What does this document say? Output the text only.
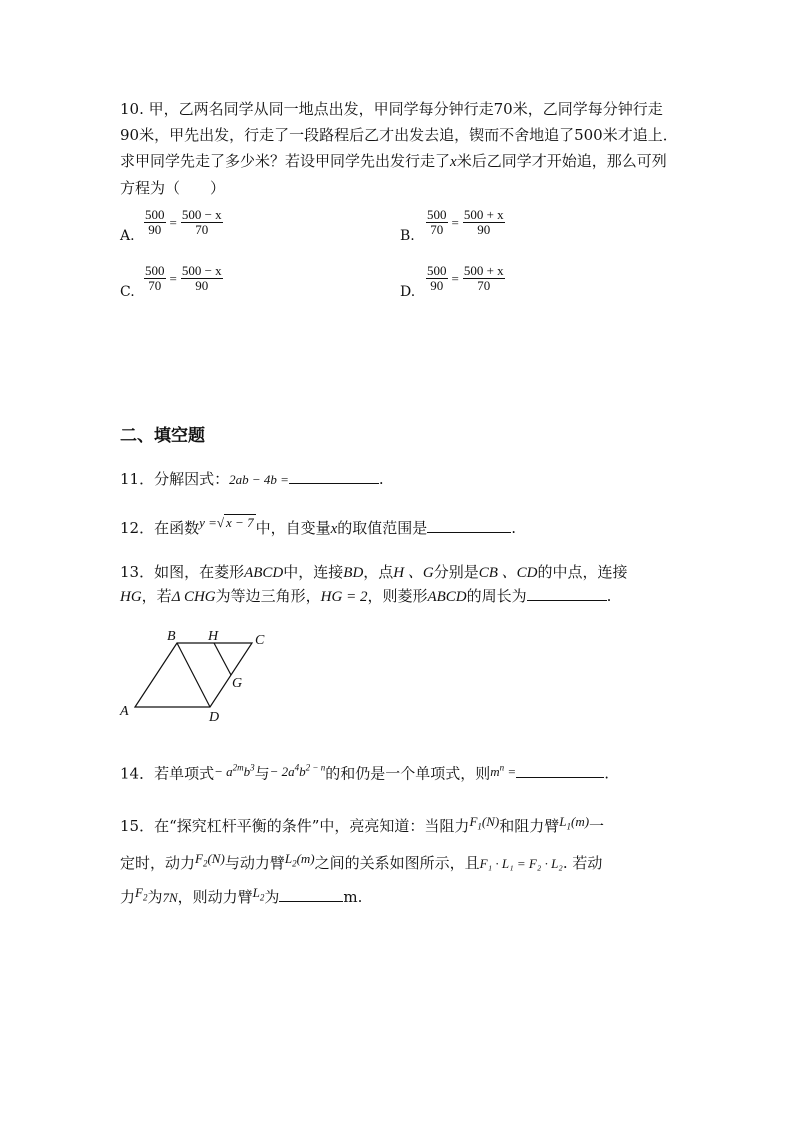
10. 甲，乙两名同学从同一地点出发，甲同学每分钟行走70米，乙同学每分钟行走90米，甲先出发，行走了一段路程后乙才出发去追，锲而不舍地追了500米才追上．求甲同学先走了多少米？若设甲同学先出发行走了x米后乙同学才开始追，那么可列方程为（　　）
A. $\frac{500}{90} = \frac{500 - x}{70}$	B. $\frac{500}{70} = \frac{500 + x}{90}$
C. $\frac{500}{70} = \frac{500 - x}{90}$	D. $\frac{500}{90} = \frac{500 + x}{70}$
二、填空题
11．分解因式：2ab − 4b =	.
12．在函数y =√ x − 7 中，自变量x的取值范围是	.
13．如图，在菱形ABCD中，连接BD，点H 、G分别是CB 、CD的中点，连接
HG，若Δ CHG为等边三角形，HG = 2，则菱形ABCD的周长为	.
B H	C
G
A	D
14．若单项式− $a^{2m}b^3$与− $2a^4b^{2 - n}$的和仍是一个单项式，则$m^n$ =	.
15．在“探究杠杆平衡的条件”中，亮亮知道：当阻力$F_1(N)$和阻力臂$L_1(m)$一
定时，动力$F_2(N)$与动力臂$L_2(m)$之间的关系如图所示，且F₁ · L₁ = F₂ · L₂. 若动
力$F_2$为7N，则动力臂$L_2$为	m.
